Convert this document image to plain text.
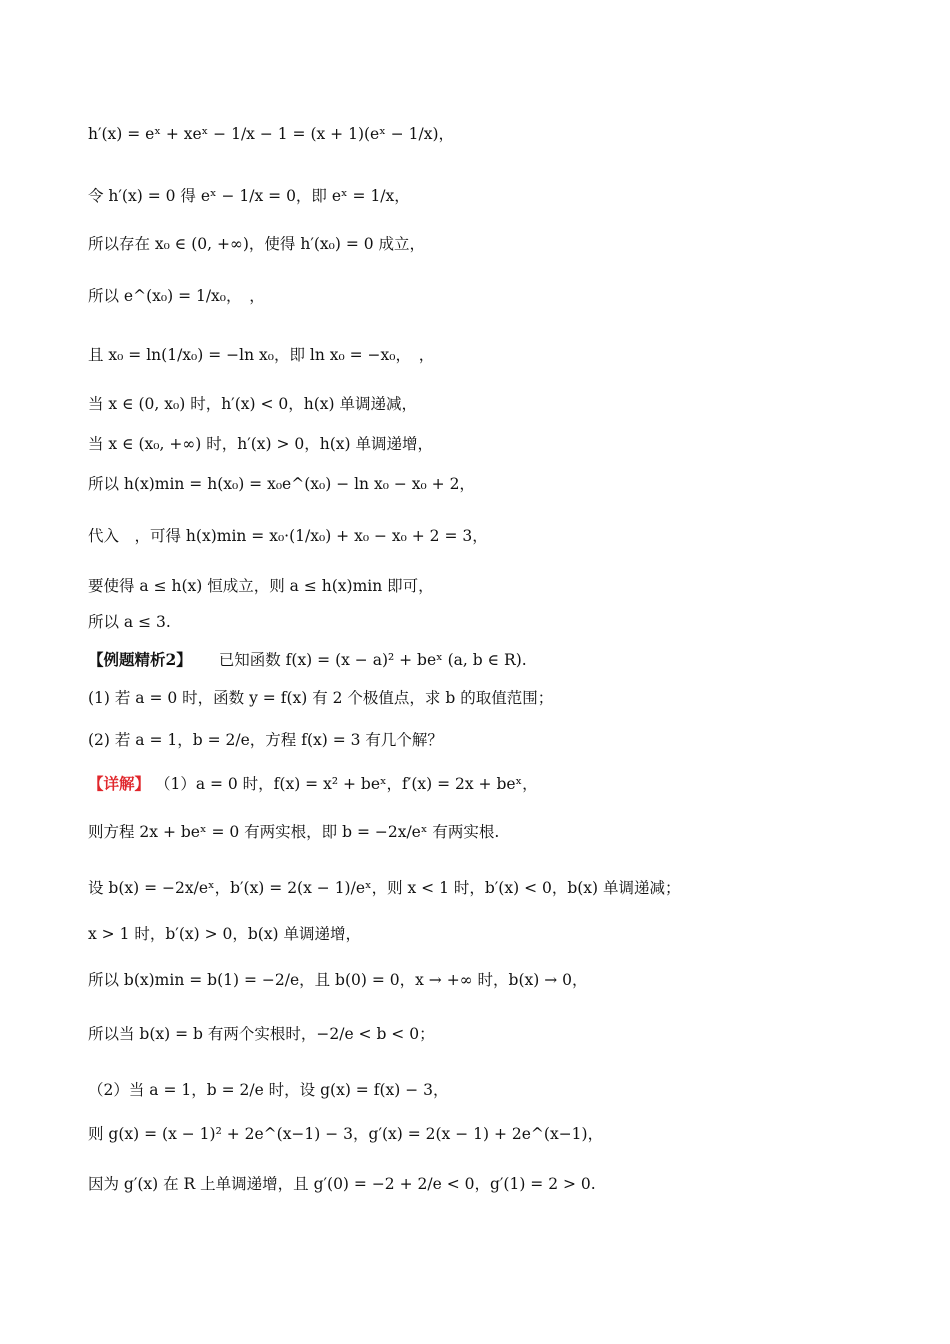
h′(x) = eˣ + xeˣ − 1/x − 1 = (x + 1)(eˣ − 1/x)，
令 h′(x) = 0 得 eˣ − 1/x = 0，即 eˣ = 1/x，
所以存在 x₀ ∈ (0, +∞)，使得 h′(x₀) = 0 成立，
所以 e^(x₀) = 1/x₀，　，
且 x₀ = ln(1/x₀) = −ln x₀，即 ln x₀ = −x₀，　，
当 x ∈ (0, x₀) 时，h′(x) < 0，h(x) 单调递减，
当 x ∈ (x₀, +∞) 时，h′(x) > 0，h(x) 单调递增，
所以 h(x)min = h(x₀) = x₀e^(x₀) − ln x₀ − x₀ + 2，
代入　，可得 h(x)min = x₀·(1/x₀) + x₀ − x₀ + 2 = 3，
要使得 a ≤ h(x) 恒成立，则 a ≤ h(x)min 即可，
所以 a ≤ 3.
【例题精析2】 已知函数 f(x) = (x − a)² + beˣ (a, b ∈ R).
(1) 若 a = 0 时，函数 y = f(x) 有 2 个极值点，求 b 的取值范围；
(2) 若 a = 1，b = 2/e，方程 f(x) = 3 有几个解？
【详解】 （1）a = 0 时，f(x) = x² + beˣ，f′(x) = 2x + beˣ，
则方程 2x + beˣ = 0 有两实根，即 b = −2x/eˣ 有两实根.
设 b(x) = −2x/eˣ，b′(x) = 2(x − 1)/eˣ，则 x < 1 时，b′(x) < 0，b(x) 单调递减；
x > 1 时，b′(x) > 0，b(x) 单调递增，
所以 b(x)min = b(1) = −2/e，且 b(0) = 0，x → +∞ 时，b(x) → 0，
所以当 b(x) = b 有两个实根时，−2/e < b < 0；
（2）当 a = 1，b = 2/e 时，设 g(x) = f(x) − 3，
则 g(x) = (x − 1)² + 2e^(x−1) − 3，g′(x) = 2(x − 1) + 2e^(x−1)，
因为 g′(x) 在 R 上单调递增，且 g′(0) = −2 + 2/e < 0，g′(1) = 2 > 0.
